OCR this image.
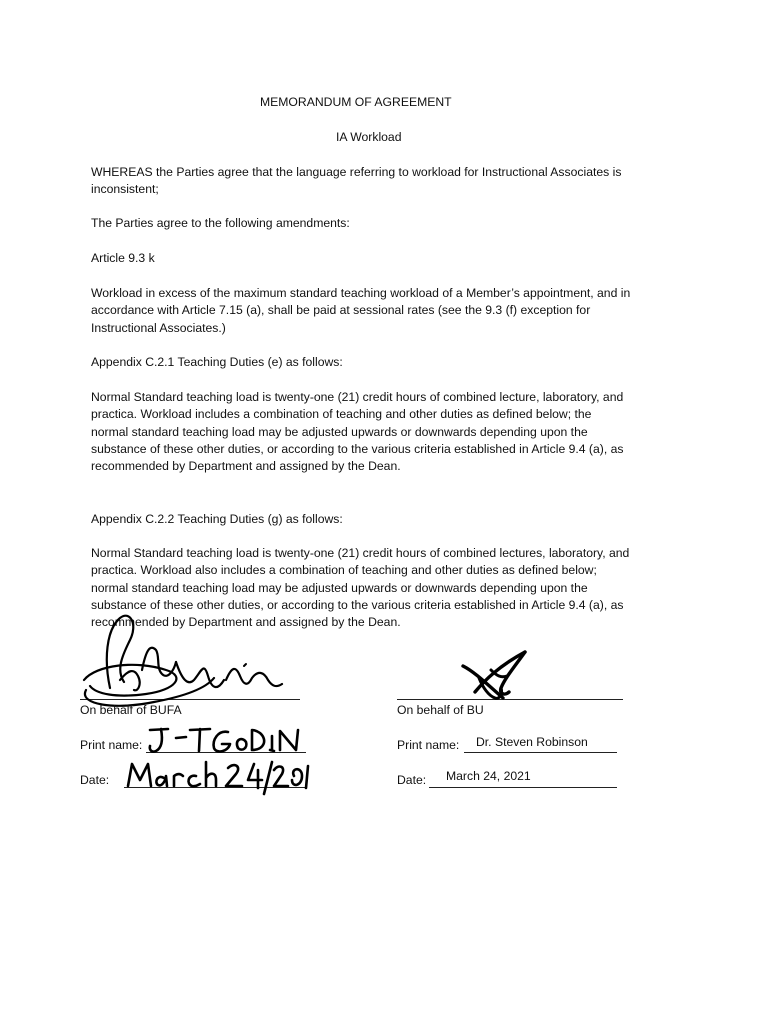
MEMORANDUM OF AGREEMENT
IA Workload
WHEREAS the Parties agree that the language referring to workload for Instructional Associates is
inconsistent;
The Parties agree to the following amendments:
Article 9.3 k
Workload in excess of the maximum standard teaching workload of a Member’s appointment, and in
accordance with Article 7.15 (a), shall be paid at sessional rates (see the 9.3 (f) exception for
Instructional Associates.)
Appendix C.2.1 Teaching Duties (e) as follows:
Normal Standard teaching load is twenty-one (21) credit hours of combined lecture, laboratory, and
practica. Workload includes a combination of teaching and other duties as defined below; the
normal standard teaching load may be adjusted upwards or downwards depending upon the
substance of these other duties, or according to the various criteria established in Article 9.4 (a), as
recommended by Department and assigned by the Dean.
Appendix C.2.2 Teaching Duties (g) as follows:
Normal Standard teaching load is twenty-one (21) credit hours of combined lectures, laboratory, and
practica. Workload also includes a combination of teaching and other duties as defined below;
normal standard teaching load may be adjusted upwards or downwards depending upon the
substance of these other duties, or according to the various criteria established in Article 9.4 (a), as
recommended by Department and assigned by the Dean.
On behalf of BUFA
Print name:
Date:
On behalf of BU
Print name: Dr. Steven Robinson
Date: March 24, 2021
